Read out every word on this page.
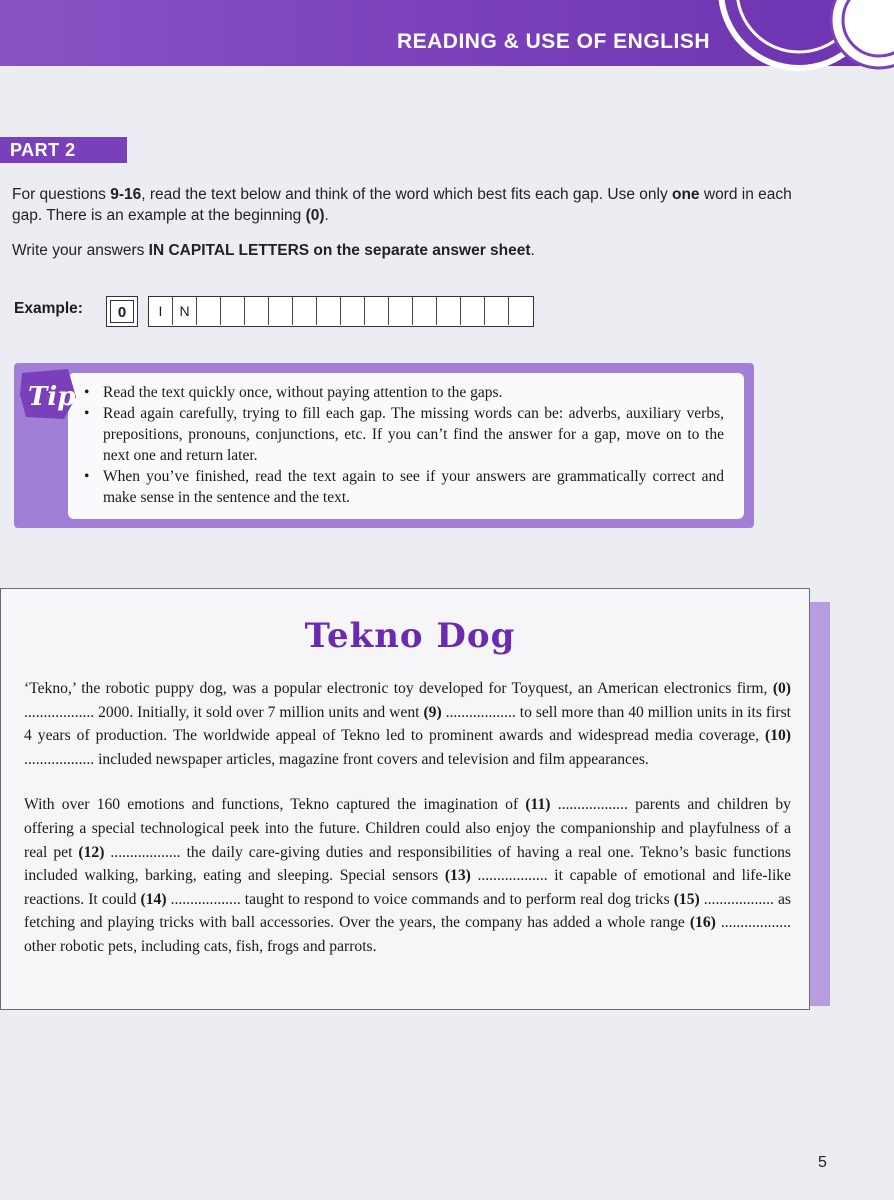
READING & USE OF ENGLISH
PART 2

For questions 9-16, read the text below and think of the word which best fits each gap. Use only one word in each gap. There is an example at the beginning (0).

Write your answers IN CAPITAL LETTERS on the separate answer sheet.

Example:	0	I	N
Tip
•	Read the text quickly once, without paying attention to the gaps.
• Read again carefully, trying to fill each gap. The missing words can be: adverbs, auxiliary verbs, prepositions, pronouns, conjunctions, etc. If you can’t find the answer for a gap, move on to the next one and return later.
• When you’ve finished, read the text again to see if your answers are grammatically correct and make sense in the sentence and the text.
Tekno Dog

‘Tekno,’ the robotic puppy dog, was a popular electronic toy developed for Toyquest, an American electronics firm, (0) .................. 2000. Initially, it sold over 7 million units and went (9) .................. to sell more than 40 million units in its first 4 years of production. The worldwide appeal of Tekno led to prominent awards and widespread media coverage, (10) .................. included newspaper articles, magazine front covers and television and film appearances.

With over 160 emotions and functions, Tekno captured the imagination of (11) .................. parents and children by offering a special technological peek into the future. Children could also enjoy the companionship and playfulness of a real pet (12) .................. the daily care-giving duties and responsibilities of having a real one. Tekno’s basic functions included walking, barking, eating and sleeping. Special sensors (13) .................. it capable of emotional and life-like reactions. It could (14) .................. taught to respond to voice commands and to perform real dog tricks (15) .................. as fetching and playing tricks with ball accessories. Over the years, the company has added a whole range (16) .................. other robotic pets, including cats, fish, frogs and parrots.

5
